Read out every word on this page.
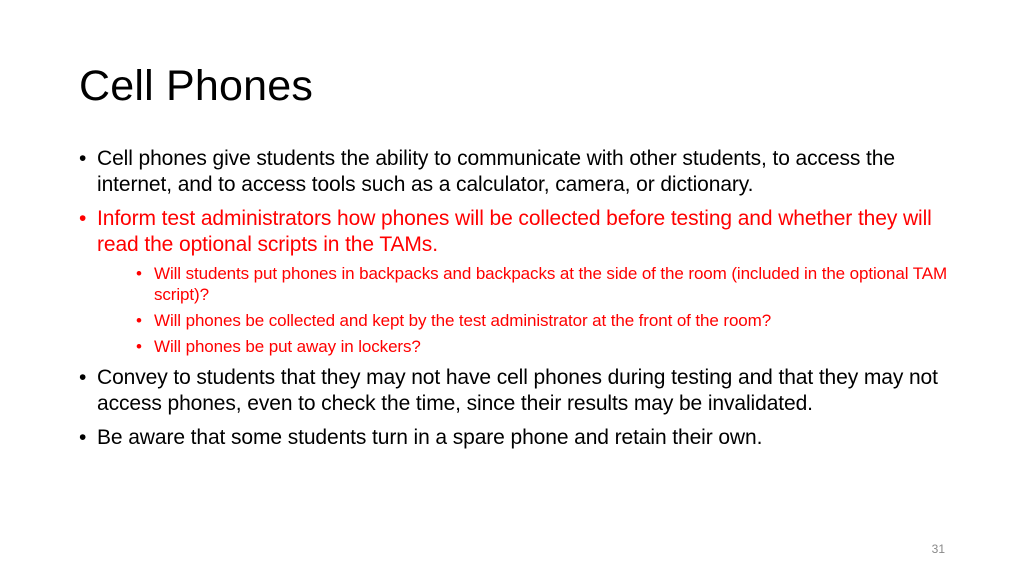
Cell Phones
• Cell phones give students the ability to communicate with other students, to access the internet, and to access tools such as a calculator, camera, or dictionary.
• Inform test administrators how phones will be collected before testing and whether they will read the optional scripts in the TAMs.
• Will students put phones in backpacks and backpacks at the side of the room (included in the optional TAM script)?
• Will phones be collected and kept by the test administrator at the front of the room?
• Will phones be put away in lockers?
• Convey to students that they may not have cell phones during testing and that they may not access phones, even to check the time, since their results may be invalidated.
• Be aware that some students turn in a spare phone and retain their own.
31
